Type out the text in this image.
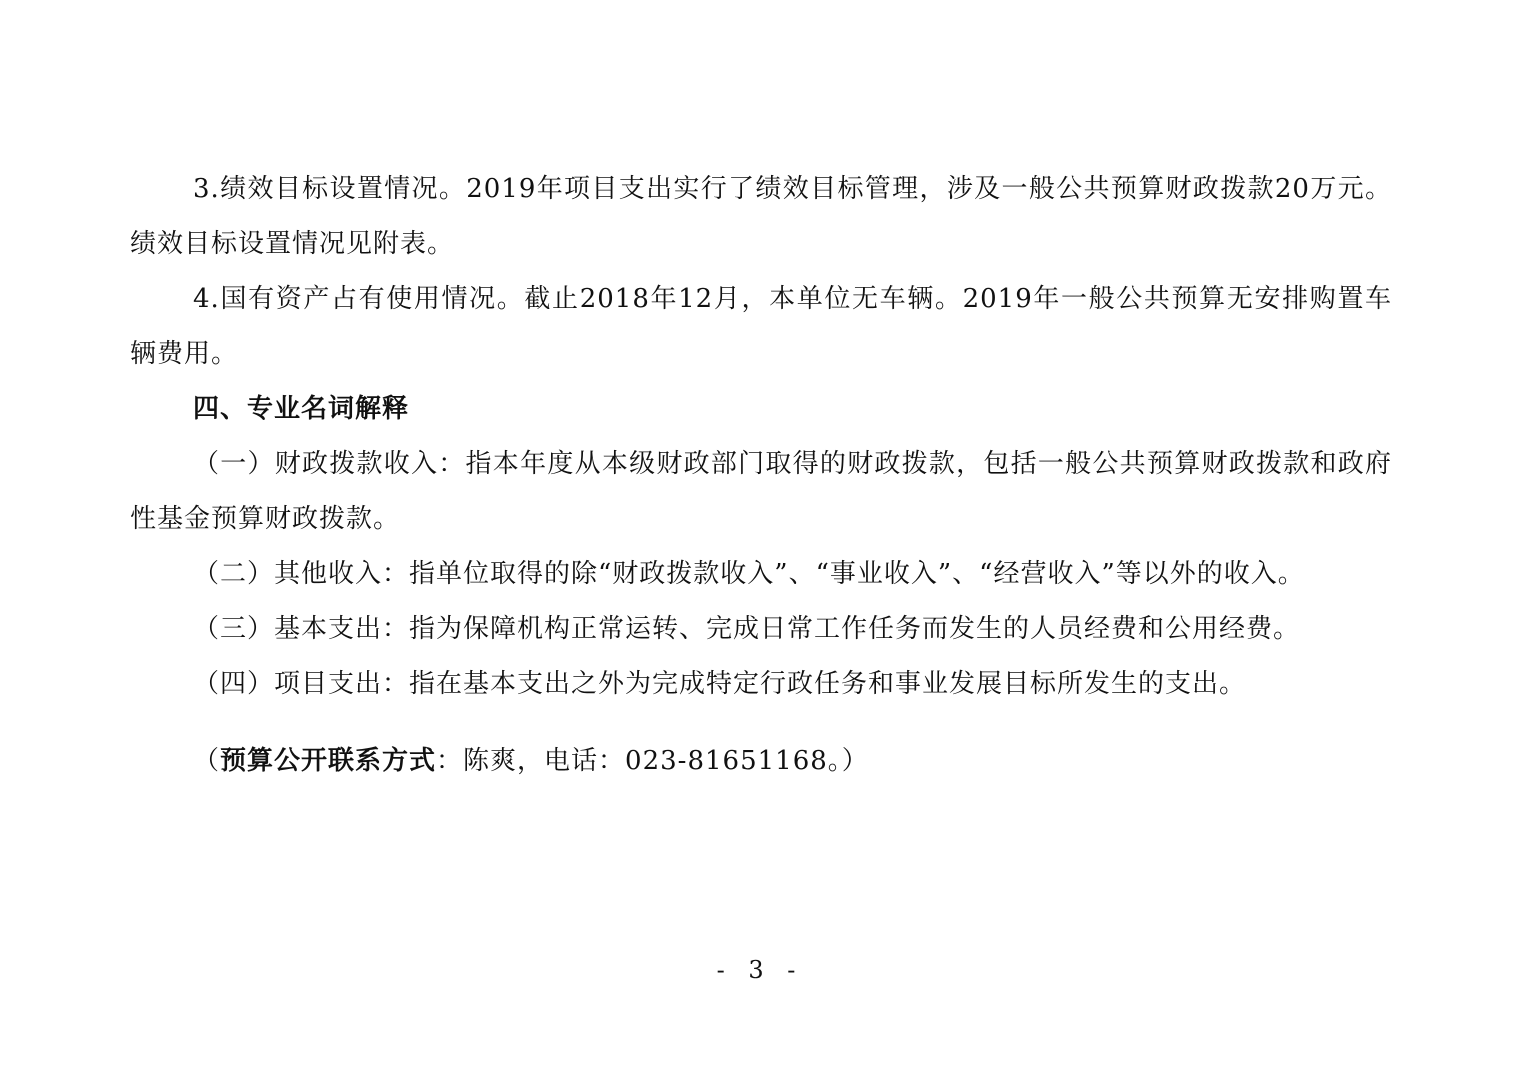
3.绩效目标设置情况。2019年项目支出实行了绩效目标管理，涉及一般公共预算财政拨款20万元。绩效目标设置情况见附表。

4.国有资产占有使用情况。截止2018年12月，本单位无车辆。2019年一般公共预算无安排购置车辆费用。

四、专业名词解释

（一）财政拨款收入：指本年度从本级财政部门取得的财政拨款，包括一般公共预算财政拨款和政府性基金预算财政拨款。

（二）其他收入：指单位取得的除“财政拨款收入”、“事业收入”、“经营收入”等以外的收入。

（三）基本支出：指为保障机构正常运转、完成日常工作任务而发生的人员经费和公用经费。

（四）项目支出：指在基本支出之外为完成特定行政任务和事业发展目标所发生的支出。

（预算公开联系方式：陈爽，电话：023-81651168。）
- 3 -
